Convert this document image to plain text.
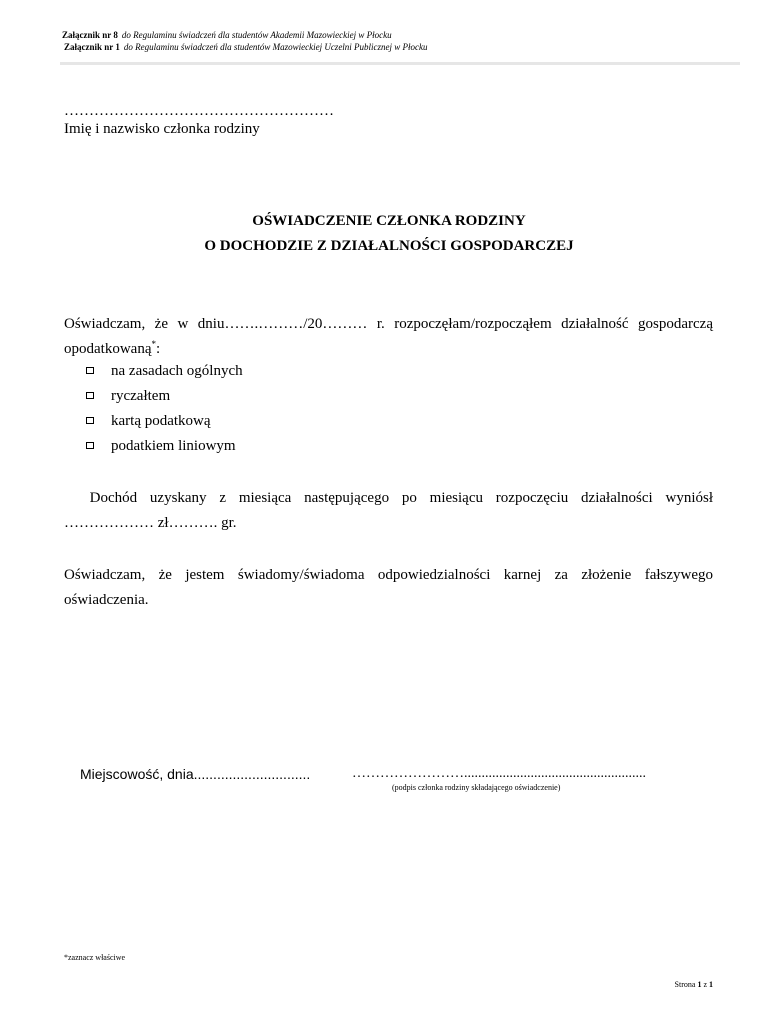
Załącznik nr 8 do Regulaminu świadczeń dla studentów Akademii Mazowieckiej w Płocku
Załącznik nr 1 do Regulaminu świadczeń dla studentów Mazowieckiej Uczelni Publicznej w Płocku
………………………………………………
Imię i nazwisko członka rodziny
OŚWIADCZENIE CZŁONKA RODZINY
O DOCHODZIE Z DZIAŁALNOŚCI GOSPODARCZEJ
Oświadczam, że w dniu…….………/20……… r. rozpoczęłam/rozpocząłem działalność gospodarczą
opodatkowaną*:
na zasadach ogólnych
ryczałtem
kartą podatkową
podatkiem liniowym
Dochód uzyskany z miesiąca następującego po miesiącu rozpoczęciu działalności wyniósł
……………… zł………. gr.
Oświadczam, że jestem świadomy/świadoma odpowiedzialności karnej za złożenie fałszywego
oświadczenia.
Miejscowość, dnia..............................	……………………....................................................
(podpis członka rodziny składającego oświadczenie)
*zaznacz właściwe
Strona 1 z 1
